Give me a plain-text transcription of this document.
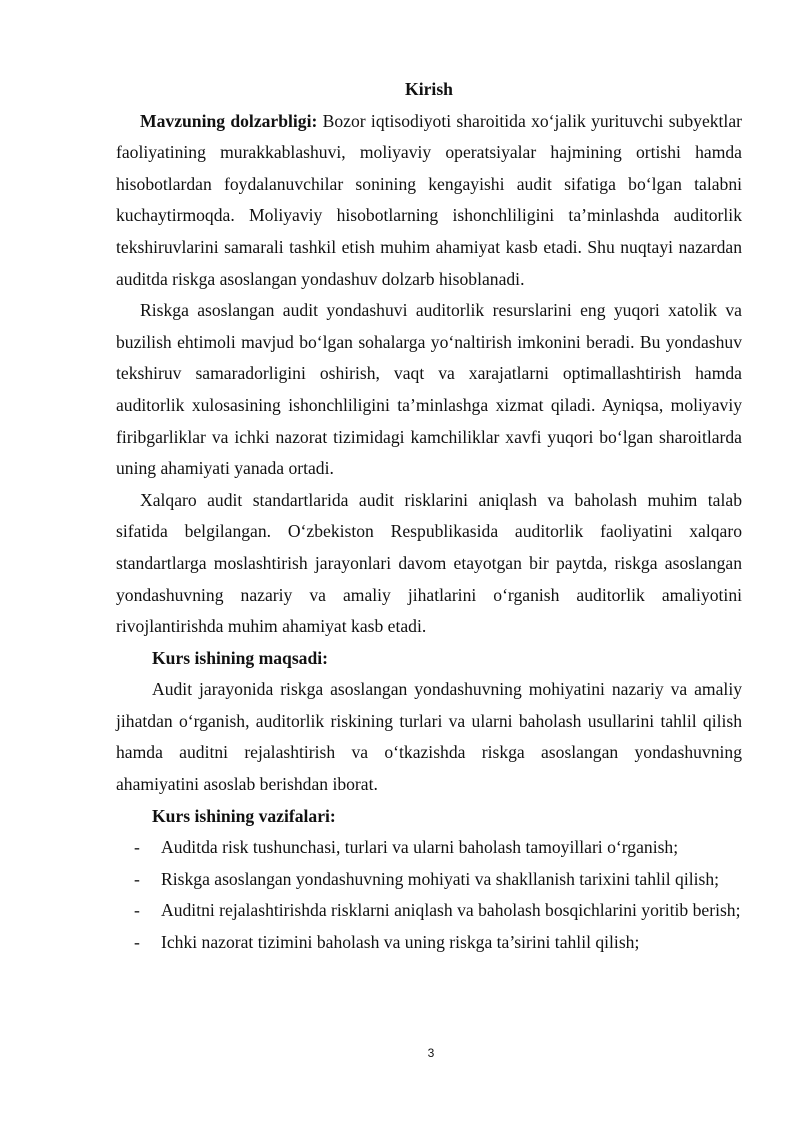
Kirish

Mavzuning dolzarbligi: Bozor iqtisodiyoti sharoitida xo‘jalik yurituvchi subyektlar faoliyatining murakkablashuvi, moliyaviy operatsiyalar hajmining ortishi hamda hisobotlardan foydalanuvchilar sonining kengayishi audit sifatiga bo‘lgan talabni kuchaytirmoqda. Moliyaviy hisobotlarning ishonchliligini ta’minlashda auditorlik tekshiruvlarini samarali tashkil etish muhim ahamiyat kasb etadi. Shu nuqtayi nazardan auditda riskga asoslangan yondashuv dolzarb hisoblanadi.

Riskga asoslangan audit yondashuvi auditorlik resurslarini eng yuqori xatolik va buzilish ehtimoli mavjud bo‘lgan sohalarga yo‘naltirish imkonini beradi. Bu yondashuv tekshiruv samaradorligini oshirish, vaqt va xarajatlarni optimallashtirish hamda auditorlik xulosasining ishonchliligini ta’minlashga xizmat qiladi. Ayniqsa, moliyaviy firibgarliklar va ichki nazorat tizimidagi kamchiliklar xavfi yuqori bo‘lgan sharoitlarda uning ahamiyati yanada ortadi.

Xalqaro audit standartlarida audit risklarini aniqlash va baholash muhim talab sifatida belgilangan. O‘zbekiston Respublikasida auditorlik faoliyatini xalqaro standartlarga moslashtirish jarayonlari davom etayotgan bir paytda, riskga asoslangan yondashuvning nazariy va amaliy jihatlarini o‘rganish auditorlik amaliyotini rivojlantirishda muhim ahamiyat kasb etadi.

Kurs ishining maqsadi:

Audit jarayonida riskga asoslangan yondashuvning mohiyatini nazariy va amaliy jihatdan o‘rganish, auditorlik riskining turlari va ularni baholash usullarini tahlil qilish hamda auditni rejalashtirish va o‘tkazishda riskga asoslangan yondashuvning ahamiyatini asoslab berishdan iborat.

Kurs ishining vazifalari:

- Auditda risk tushunchasi, turlari va ularni baholash tamoyillari o‘rganish;

- Riskga asoslangan yondashuvning mohiyati va shakllanish tarixini tahlil qilish;

- Auditni rejalashtirishda risklarni aniqlash va baholash bosqichlarini yoritib berish;

- Ichki nazorat tizimini baholash va uning riskga ta’sirini tahlil qilish;

3
